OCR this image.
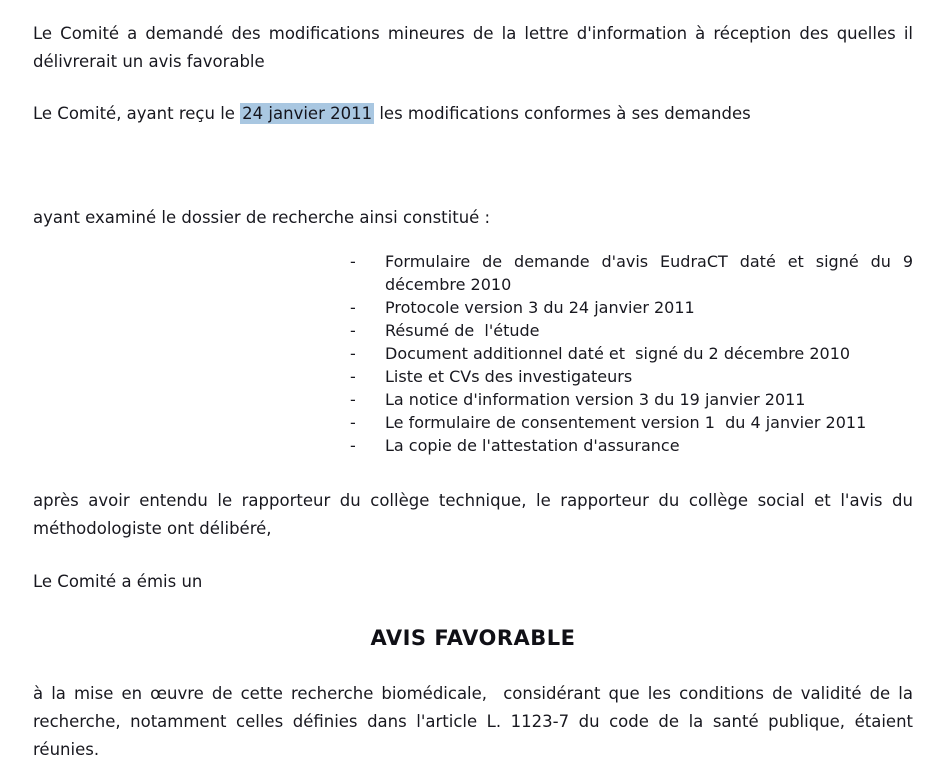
Le Comité a demandé des modifications mineures de la lettre d'information à réception des quelles il délivrerait un avis favorable

Le Comité, ayant reçu le 24 janvier 2011 les modifications conformes à ses demandes

ayant examiné le dossier de recherche ainsi constitué :

-	Formulaire de demande d'avis EudraCT daté et signé du 9 décembre 2010
-	Protocole version 3 du 24 janvier 2011
-	Résumé de  l'étude
-	Document additionnel daté et  signé du 2 décembre 2010
-	Liste et CVs des investigateurs
-	La notice d'information version 3 du 19 janvier 2011
-	Le formulaire de consentement version 1  du 4 janvier 2011
-	La copie de l'attestation d'assurance

après avoir entendu le rapporteur du collège technique, le rapporteur du collège social et l'avis du méthodologiste ont délibéré,

Le Comité a émis un

AVIS FAVORABLE

à la mise en œuvre de cette recherche biomédicale,  considérant que les conditions de validité de la recherche, notamment celles définies dans l'article L. 1123-7 du code de la santé publique, étaient réunies.
